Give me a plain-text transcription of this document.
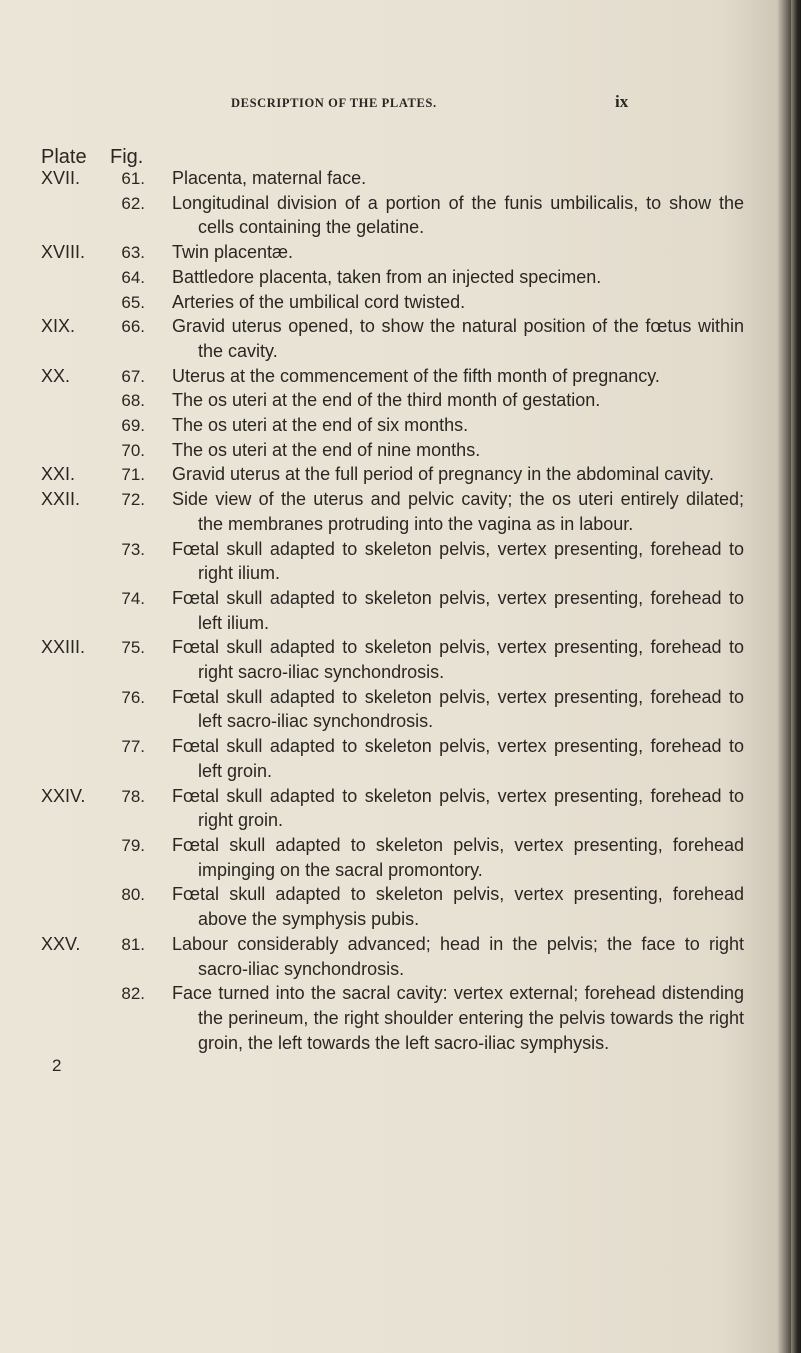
DESCRIPTION OF THE PLATES.	ix
Plate Fig.
XVII.	61. Placenta, maternal face.
62. Longitudinal division of a portion of the funis umbilicalis, to show the cells containing the gelatine.
XVIII.	63. Twin placentæ.
64. Battledore placenta, taken from an injected specimen.
65. Arteries of the umbilical cord twisted.
XIX.	66. Gravid uterus opened, to show the natural position of the fœtus within the cavity.
XX.	67. Uterus at the commencement of the fifth month of pregnancy.
68. The os uteri at the end of the third month of gestation.
69. The os uteri at the end of six months.
70. The os uteri at the end of nine months.
XXI.	71. Gravid uterus at the full period of pregnancy in the abdominal cavity.
XXII.	72. Side view of the uterus and pelvic cavity; the os uteri entirely dilated; the membranes protruding into the vagina as in labour.
73. Fœtal skull adapted to skeleton pelvis, vertex presenting, forehead to right ilium.
74. Fœtal skull adapted to skeleton pelvis, vertex presenting, forehead to left ilium.
XXIII.	75. Fœtal skull adapted to skeleton pelvis, vertex presenting, forehead to right sacro-iliac synchondrosis.
76. Fœtal skull adapted to skeleton pelvis, vertex presenting, forehead to left sacro-iliac synchondrosis.
77. Fœtal skull adapted to skeleton pelvis, vertex presenting, forehead to left groin.
XXIV.	78. Fœtal skull adapted to skeleton pelvis, vertex presenting, forehead to right groin.
79. Fœtal skull adapted to skeleton pelvis, vertex presenting, forehead impinging on the sacral promontory.
80. Fœtal skull adapted to skeleton pelvis, vertex presenting, forehead above the symphysis pubis.
XXV.	81. Labour considerably advanced; head in the pelvis; the face to right sacro-iliac synchondrosis.
82. Face turned into the sacral cavity: vertex external; forehead distending the perineum, the right shoulder entering the pelvis towards the right groin, the left towards the left sacro-iliac symphysis.
2
